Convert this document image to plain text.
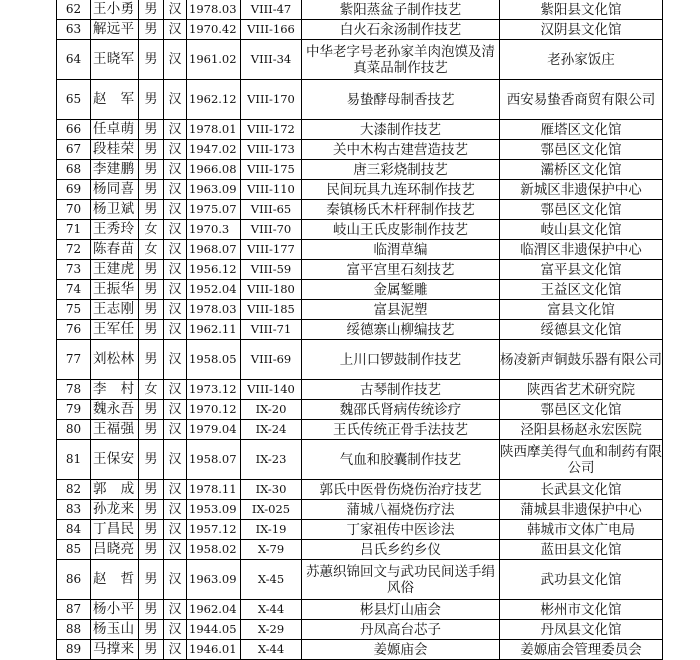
62	王小勇	男	汉	1978.03	VIII-47	紫阳蒸盆子制作技艺	紫阳县文化馆
63	解远平	男	汉	1970.42	VIII-166	白火石汆汤制作技艺	汉阴县文化馆
64	王晓军	男	汉	1961.02	VIII-34	中华老字号老孙家羊肉泡馍及清真菜品制作技艺	老孙家饭庄
65	赵　军	男	汉	1962.12	VIII-170	易蛰酵母制香技艺	西安易蛰香商贸有限公司
66	任卓萌	男	汉	1978.01	VIII-172	大漆制作技艺	雁塔区文化馆
67	段桂荣	男	汉	1947.02	VIII-173	关中木构古建营造技艺	鄠邑区文化馆
68	李建鹏	男	汉	1966.08	VIII-175	唐三彩烧制技艺	灞桥区文化馆
69	杨同喜	男	汉	1963.09	VIII-110	民间玩具九连环制作技艺	新城区非遗保护中心
70	杨卫斌	男	汉	1975.07	VIII-65	秦镇杨氏木杆秤制作技艺	鄠邑区文化馆
71	王秀玲	女	汉	1970.3	VIII-70	岐山王氏皮影制作技艺	岐山县文化馆
72	陈春苗	女	汉	1968.07	VIII-177	临渭草编	临渭区非遗保护中心
73	王建虎	男	汉	1956.12	VIII-59	富平宫里石刻技艺	富平县文化馆
74	王振华	男	汉	1952.04	VIII-180	金属錾雕	王益区文化馆
75	王志刚	男	汉	1978.03	VIII-185	富县泥塑	富县文化馆
76	王军任	男	汉	1962.11	VIII-71	绥德寨山柳编技艺	绥德县文化馆
77	刘松林	男	汉	1958.05	VIII-69	上川口锣鼓制作技艺	杨凌新声铜鼓乐器有限公司
78	李　村	女	汉	1973.12	VIII-140	古琴制作技艺	陕西省艺术研究院
79	魏永吾	男	汉	1970.12	IX-20	魏邵氏肾病传统诊疗	鄠邑区文化馆
80	王福强	男	汉	1979.04	IX-24	王氏传统正骨手法技艺	泾阳县杨赵永宏医院
81	王保安	男	汉	1958.07	IX-23	气血和胶囊制作技艺	陕西摩美得气血和制药有限公司
82	郭　成	男	汉	1978.11	IX-30	郭氏中医骨伤烧伤治疗技艺	长武县文化馆
83	孙龙来	男	汉	1953.09	IX-025	蒲城八福烧伤疗法	蒲城县非遗保护中心
84	丁昌民	男	汉	1957.12	IX-19	丁家祖传中医诊法	韩城市文体广电局
85	吕晓亮	男	汉	1958.02	X-79	吕氏乡约乡仪	蓝田县文化馆
86	赵　哲	男	汉	1963.09	X-45	苏蕙织锦回文与武功民间送手绢风俗	武功县文化馆
87	杨小平	男	汉	1962.04	X-44	彬县灯山庙会	彬州市文化馆
88	杨玉山	男	汉	1944.05	X-29	丹凤高台芯子	丹凤县文化馆
89	马撑来	男	汉	1946.01	X-44	姜嫄庙会	姜嫄庙会管理委员会
